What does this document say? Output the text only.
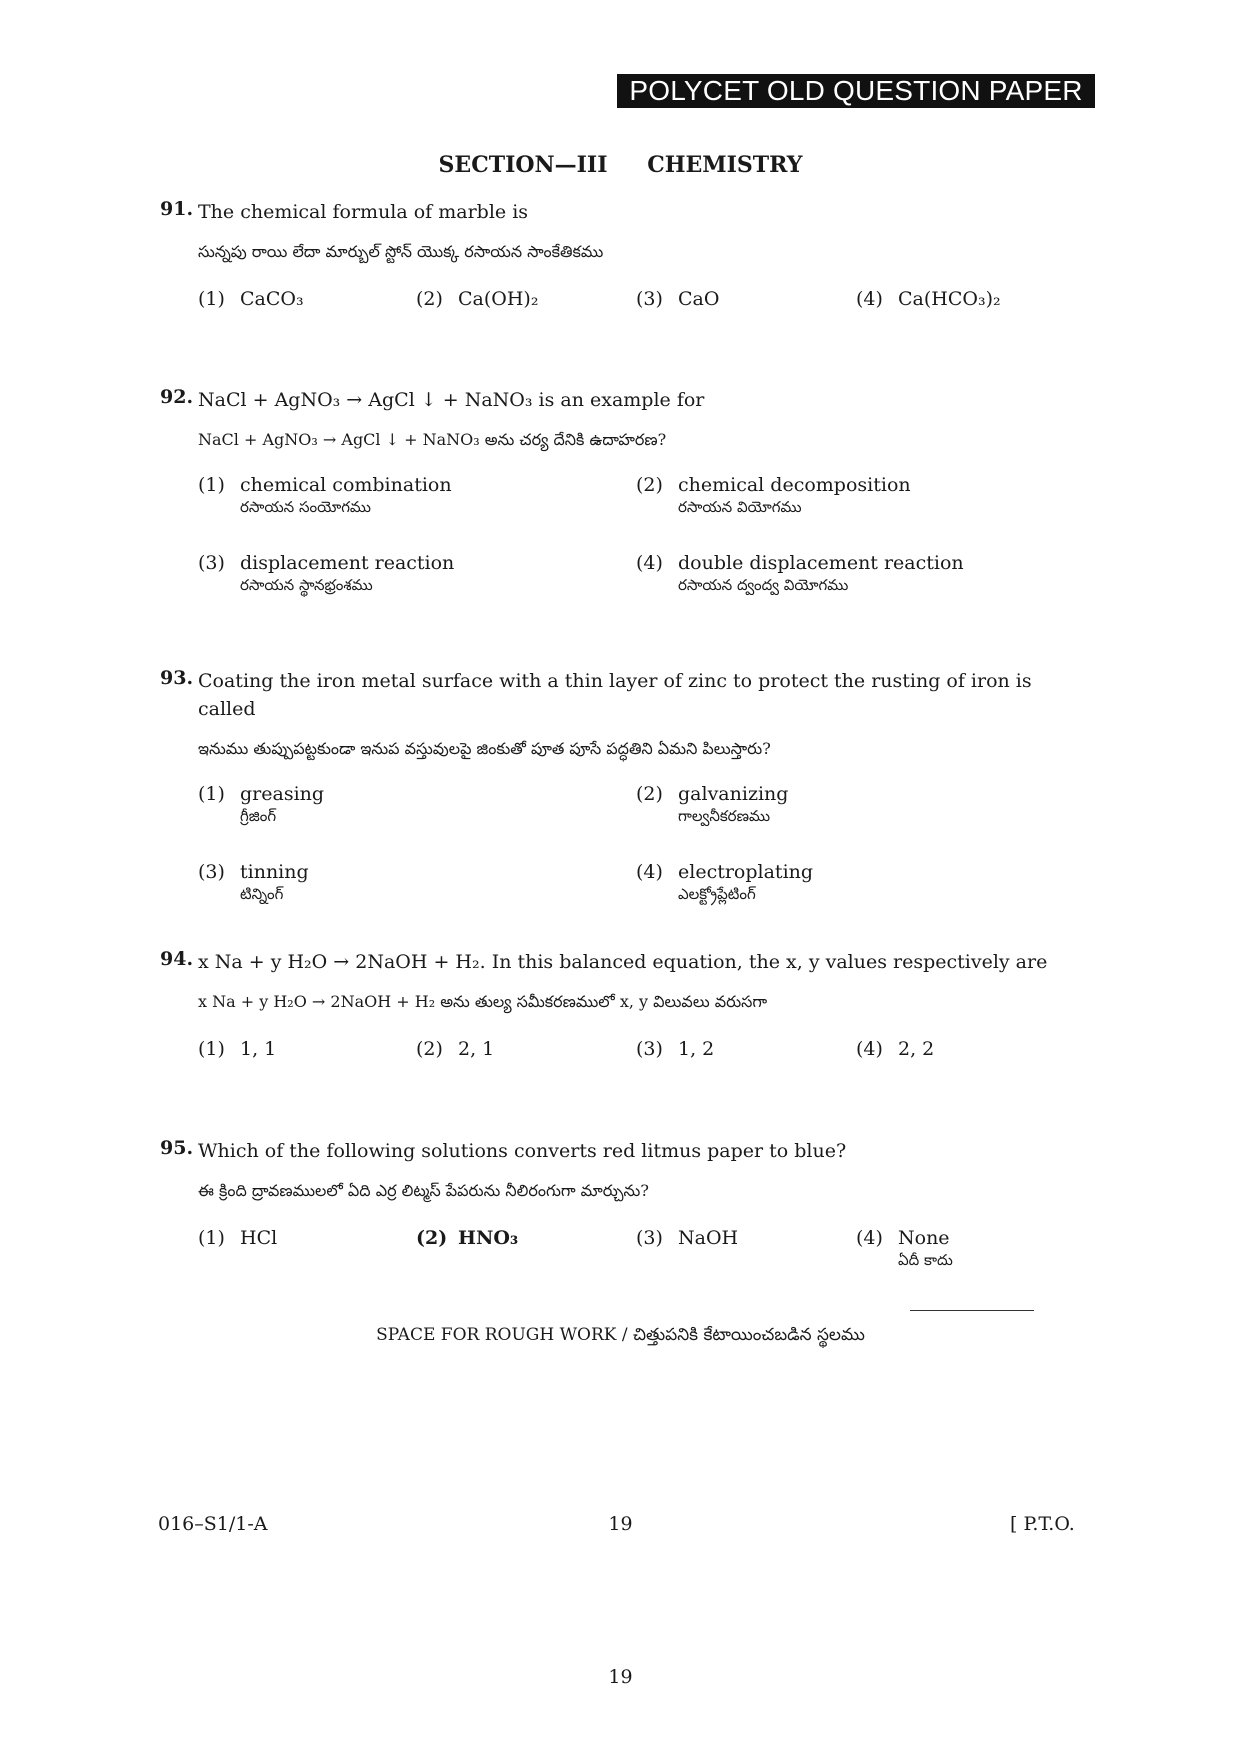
POLYCET OLD QUESTION PAPER
SECTION—III CHEMISTRY
91. The chemical formula of marble is
సున్నపు రాయి లేదా మార్బుల్ స్టోన్ యొక్క రసాయన సాంకేతికము
(1) CaCO₃	(2) Ca(OH)₂	(3) CaO	(4) Ca(HCO₃)₂
92. NaCl + AgNO₃ → AgCl ↓ + NaNO₃ is an example for
NaCl + AgNO₃ → AgCl ↓ + NaNO₃ అను చర్య దేనికి ఉదాహరణ?
(1) chemical combination
రసాయన సంయోగము
(2) chemical decomposition
రసాయన వియోగము
(3) displacement reaction
రసాయన స్థానభ్రంశము
(4) double displacement reaction
రసాయన ద్వంద్వ వియోగము
93. Coating the iron metal surface with a thin layer of zinc to protect the rusting of iron is called
ఇనుము తుప్పుపట్టకుండా ఇనుప వస్తువులపై జింకుతో పూత పూసే పద్ధతిని ఏమని పిలుస్తారు?
(1) greasing
గ్రీజింగ్
(2) galvanizing
గాల్వనీకరణము
(3) tinning
టిన్నింగ్
(4) electroplating
ఎలక్ట్రోప్లేటింగ్
94. x Na + y H₂O → 2NaOH + H₂. In this balanced equation, the x, y values respectively are
x Na + y H₂O → 2NaOH + H₂ అను తుల్య సమీకరణములో x, y విలువలు వరుసగా
(1) 1, 1	(2) 2, 1	(3) 1, 2	(4) 2, 2
95. Which of the following solutions converts red litmus paper to blue?
ఈ క్రింది ద్రావణములలో ఏది ఎర్ర లిట్మస్ పేపరును నీలిరంగుగా మార్చును?
(1) HCl	(2) HNO₃	(3) NaOH	(4) None
ఏదీ కాదు
SPACE FOR ROUGH WORK / చిత్తుపనికి కేటాయించబడిన స్థలము
016–S1/1-A	19	[ P.T.O.
19
